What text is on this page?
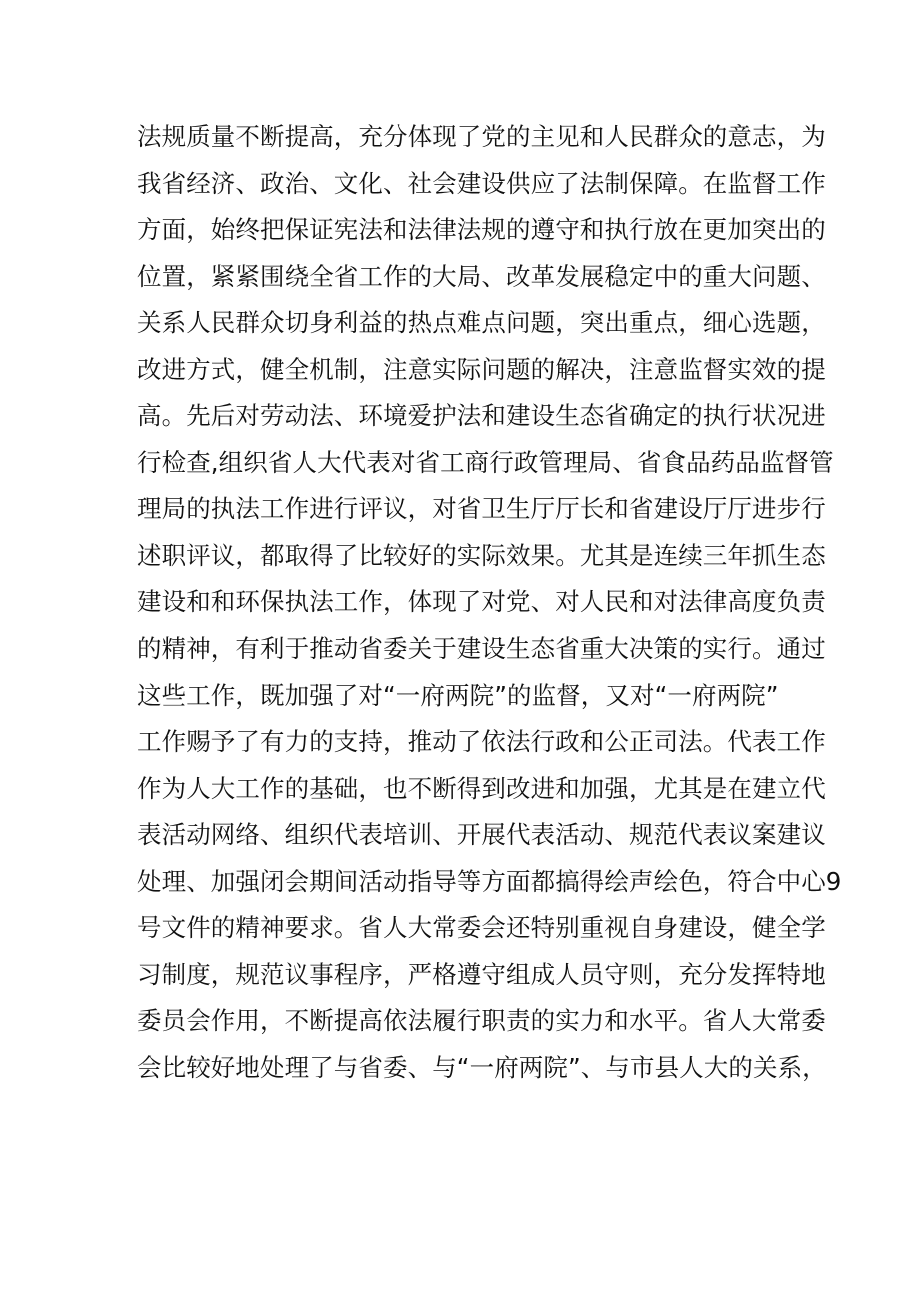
法规质量不断提高，充分体现了党的主见和人民群众的意志，为
我省经济、政治、文化、社会建设供应了法制保障。在监督工作
方面，始终把保证宪法和法律法规的遵守和执行放在更加突出的
位置，紧紧围绕全省工作的大局、改革发展稳定中的重大问题、
关系人民群众切身利益的热点难点问题，突出重点，细心选题，
改进方式，健全机制，注意实际问题的解决，注意监督实效的提
高。先后对劳动法、环境爱护法和建设生态省确定的执行状况进
行检查,组织省人大代表对省工商行政管理局、省食品药品监督管
理局的执法工作进行评议，对省卫生厅厅长和省建设厅厅进步行
述职评议，都取得了比较好的实际效果。尤其是连续三年抓生态
建设和和环保执法工作，体现了对党、对人民和对法律高度负责
的精神，有利于推动省委关于建设生态省重大决策的实行。通过
这些工作，既加强了对“一府两院”的监督，又对“一府两院”
工作赐予了有力的支持，推动了依法行政和公正司法。代表工作
作为人大工作的基础，也不断得到改进和加强，尤其是在建立代
表活动网络、组织代表培训、开展代表活动、规范代表议案建议
处理、加强闭会期间活动指导等方面都搞得绘声绘色，符合中心9
号文件的精神要求。省人大常委会还特别重视自身建设，健全学
习制度，规范议事程序，严格遵守组成人员守则，充分发挥特地
委员会作用，不断提高依法履行职责的实力和水平。省人大常委
会比较好地处理了与省委、与“一府两院”、与市县人大的关系，
